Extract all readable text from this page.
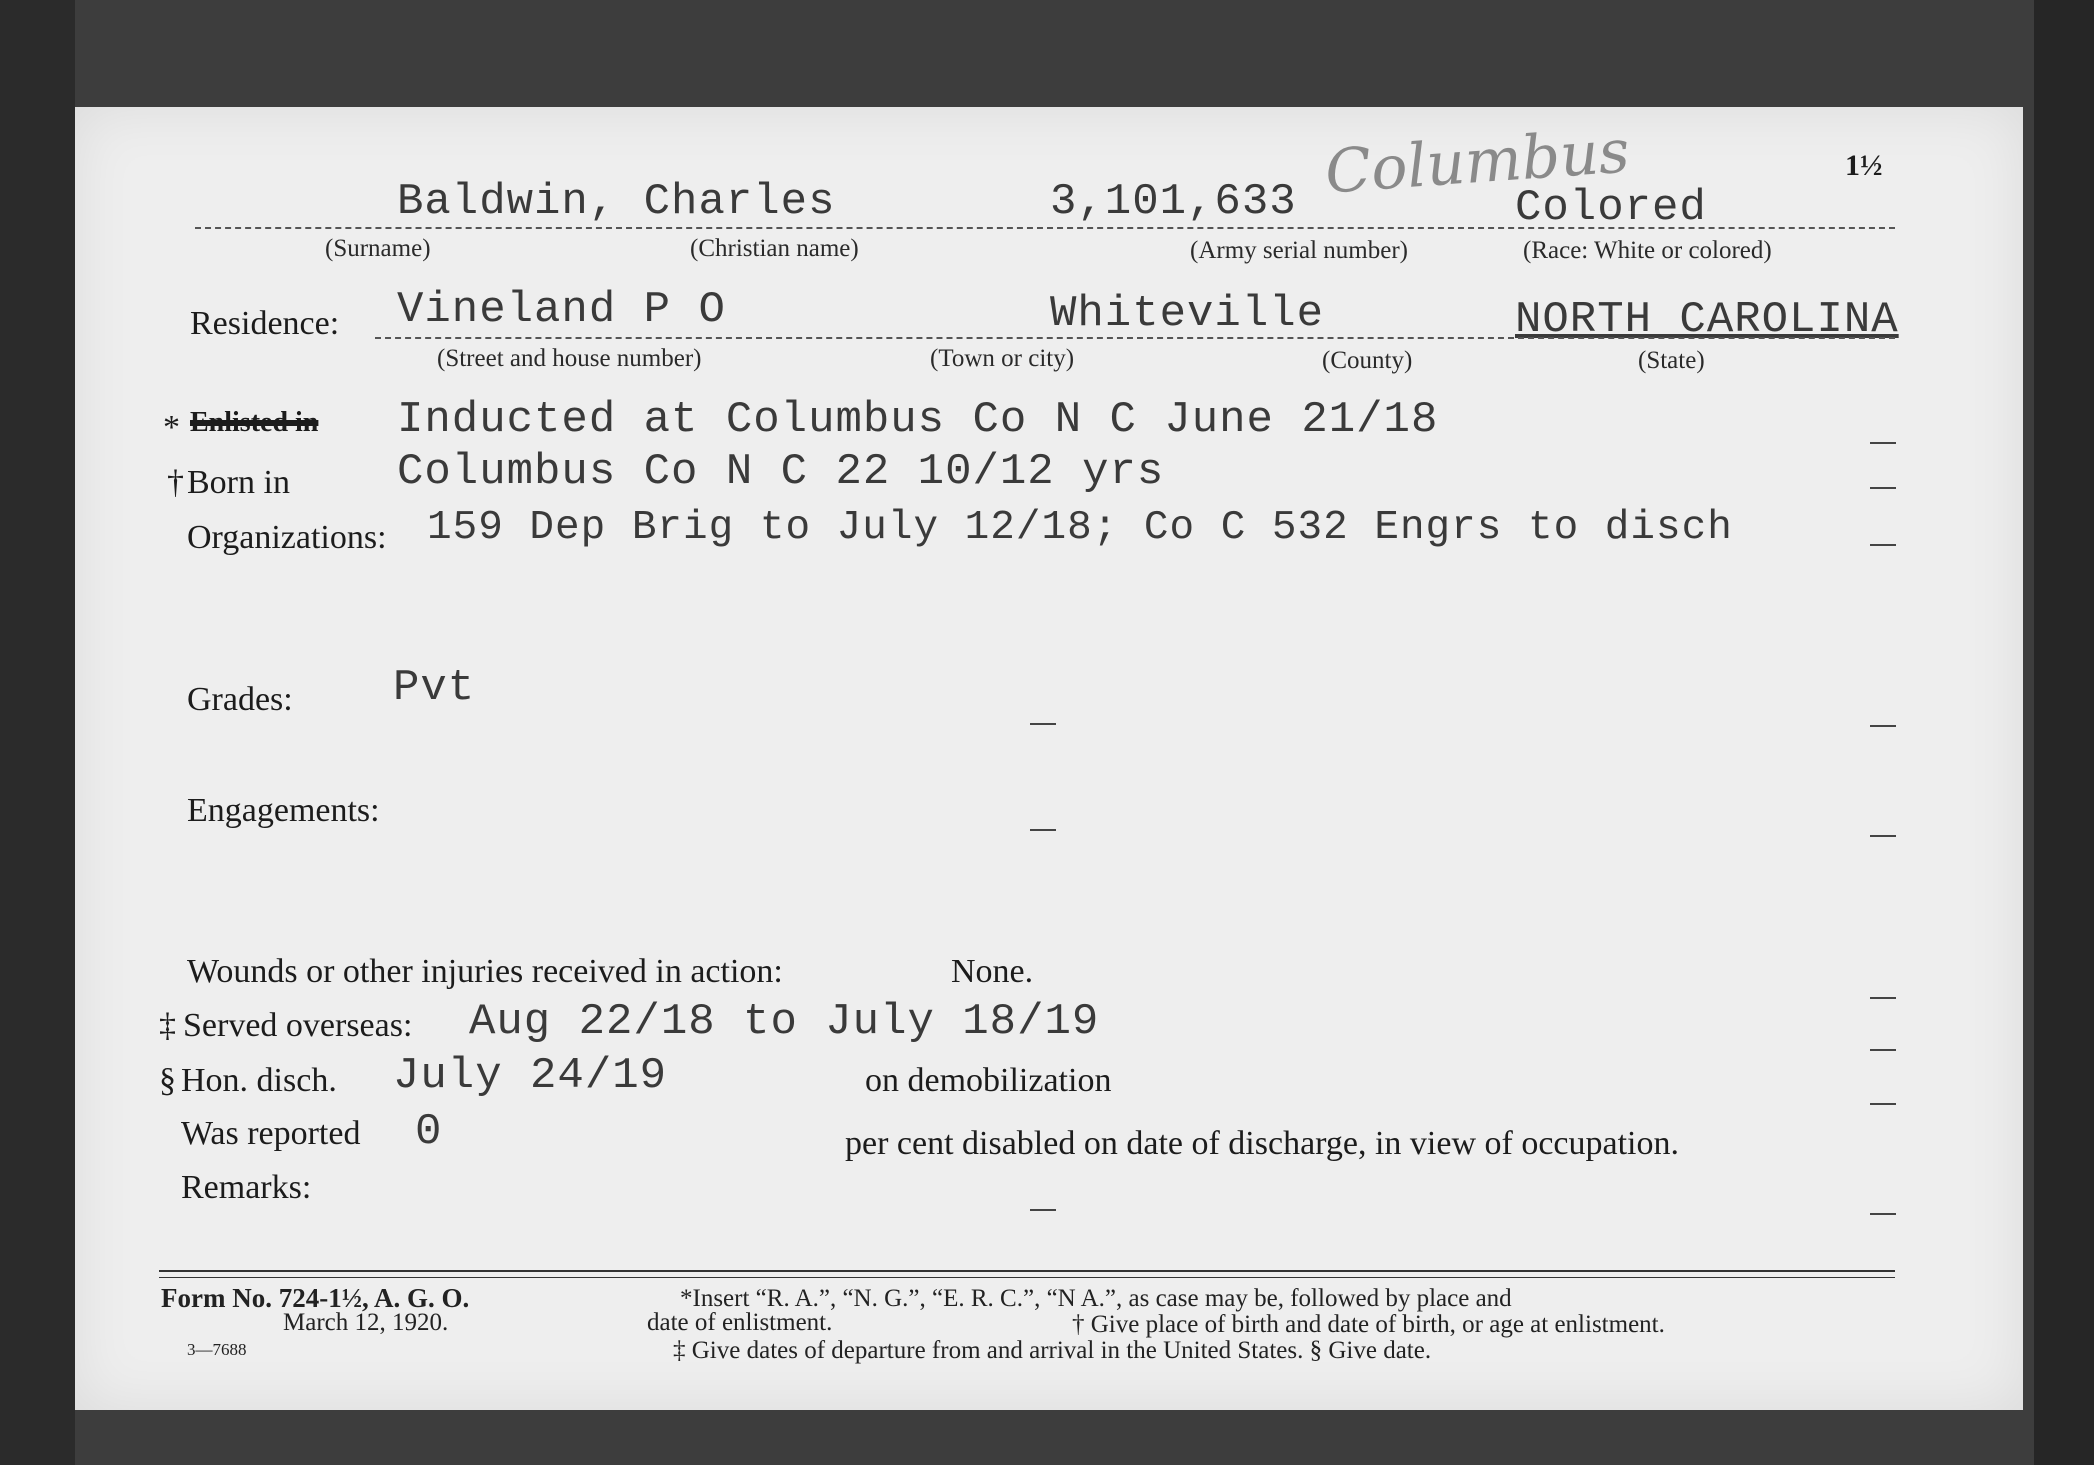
1½
Columbus
Baldwin, Charles	3,101,633	Colored
(Surname)	(Christian name)	(Army serial number)	(Race: White or colored)
Residence: Vineland P O	Whiteville	NORTH CAROLINA
(Street and house number)	(Town or city)	(County)	(State)
* Enlisted in Inducted at Columbus Co N C June 21/18
† Born in Columbus Co N C 22 10/12 yrs
Organizations: 159 Dep Brig to July 12/18; Co C 532 Engrs to disch
Grades: Pvt
Engagements:
Wounds or other injuries received in action:	None.
‡ Served overseas: Aug 22/18 to July 18/19
§ Hon. disch. July 24/19	on demobilization
Was reported 0	per cent disabled on date of discharge, in view of occupation.
Remarks:
Form No. 724-1½, A. G. O.
March 12, 1920.
3—7688
*Insert “R. A.”, “N. G.”, “E. R. C.”, “N A.”, as case may be, followed by place and
date of enlistment.	† Give place of birth and date of birth, or age at enlistment.
‡ Give dates of departure from and arrival in the United States. § Give date.
